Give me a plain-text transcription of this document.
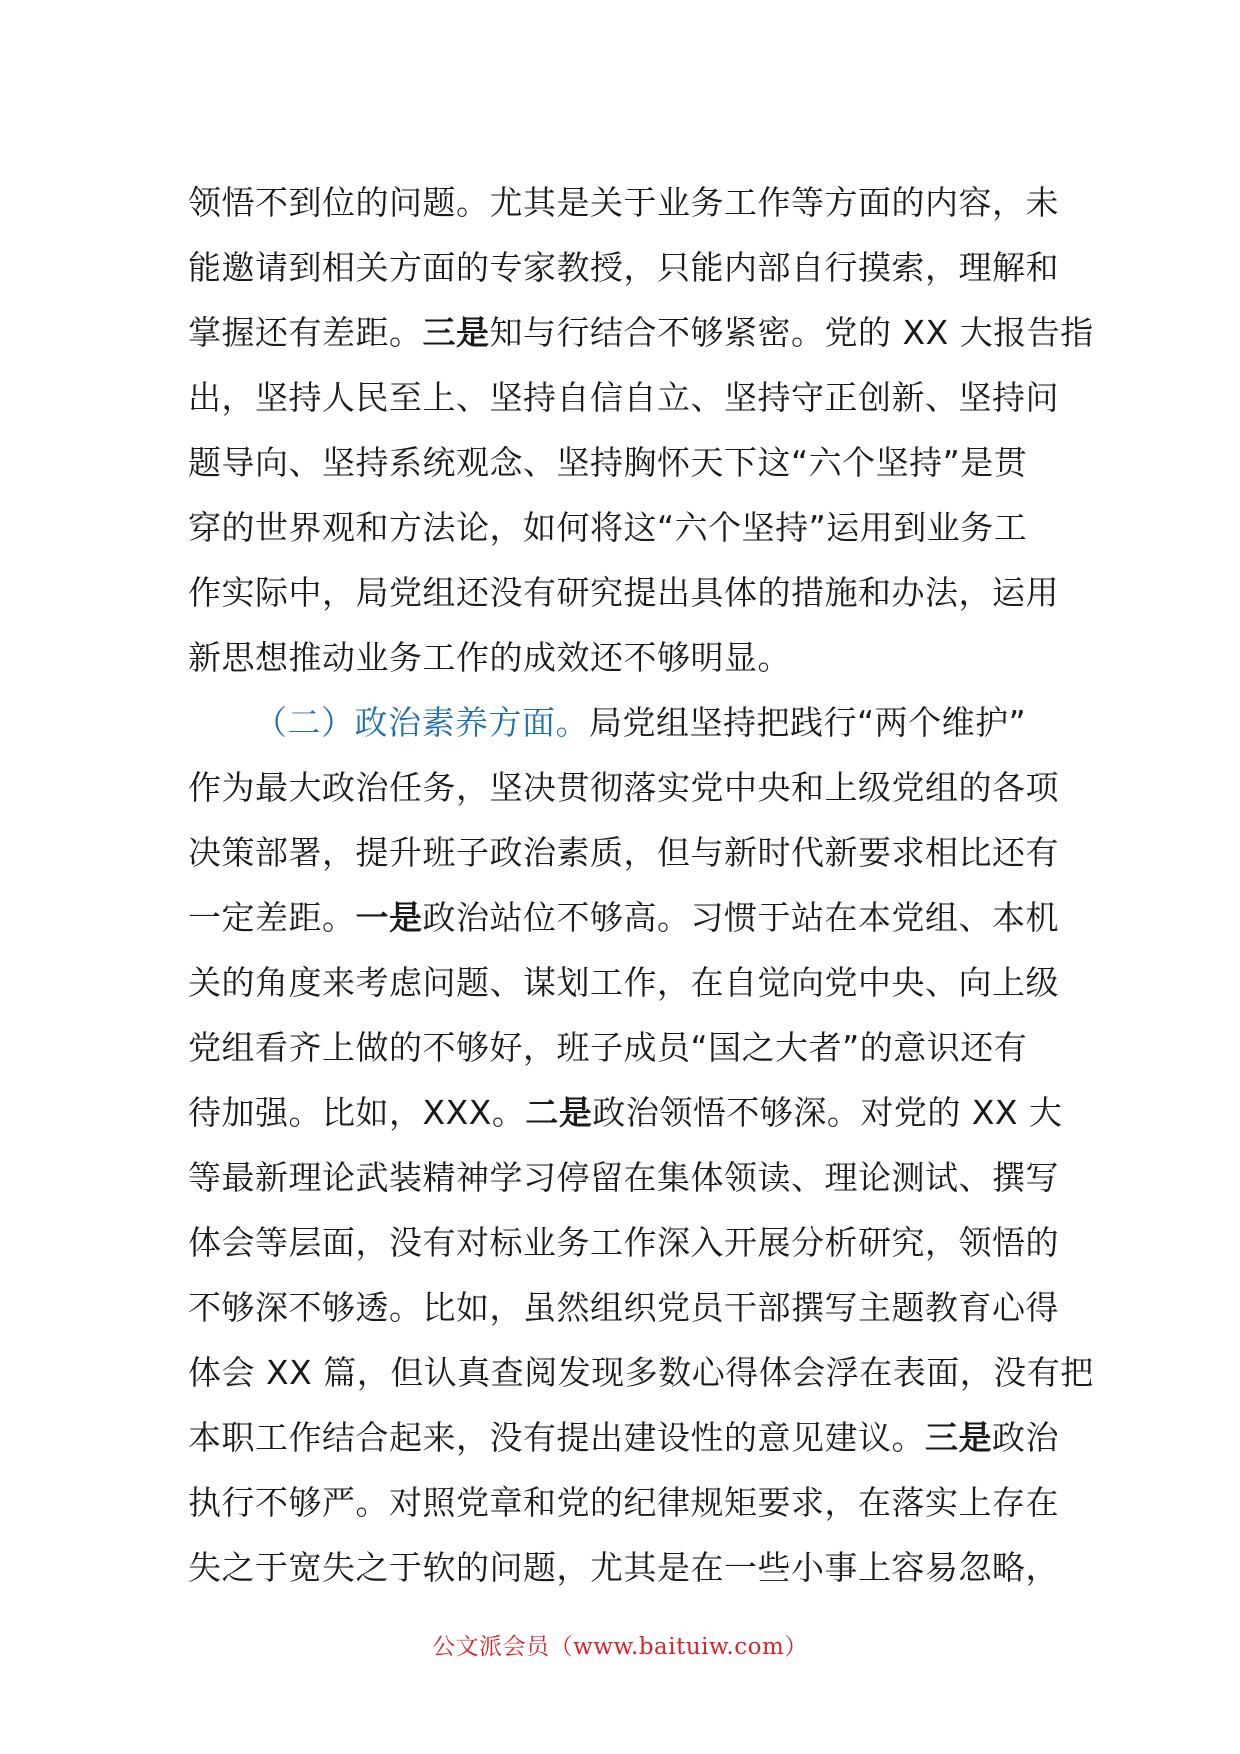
领悟不到位的问题。尤其是关于业务工作等方面的内容，未
能邀请到相关方面的专家教授，只能内部自行摸索，理解和
掌握还有差距。三是知与行结合不够紧密。党的 XX 大报告指
出，坚持人民至上、坚持自信自立、坚持守正创新、坚持问
题导向、坚持系统观念、坚持胸怀天下这“六个坚持”是贯
穿的世界观和方法论，如何将这“六个坚持”运用到业务工
作实际中，局党组还没有研究提出具体的措施和办法，运用
新思想推动业务工作的成效还不够明显。
（二）政治素养方面。局党组坚持把践行“两个维护”
作为最大政治任务，坚决贯彻落实党中央和上级党组的各项
决策部署，提升班子政治素质，但与新时代新要求相比还有
一定差距。一是政治站位不够高。习惯于站在本党组、本机
关的角度来考虑问题、谋划工作，在自觉向党中央、向上级
党组看齐上做的不够好，班子成员“国之大者”的意识还有
待加强。比如，XXX。二是政治领悟不够深。对党的 XX 大
等最新理论武装精神学习停留在集体领读、理论测试、撰写
体会等层面，没有对标业务工作深入开展分析研究，领悟的
不够深不够透。比如，虽然组织党员干部撰写主题教育心得
体会 XX 篇，但认真查阅发现多数心得体会浮在表面，没有把
本职工作结合起来，没有提出建设性的意见建议。三是政治
执行不够严。对照党章和党的纪律规矩要求，在落实上存在
失之于宽失之于软的问题，尤其是在一些小事上容易忽略，
公文派会员（www.baituiw.com）
